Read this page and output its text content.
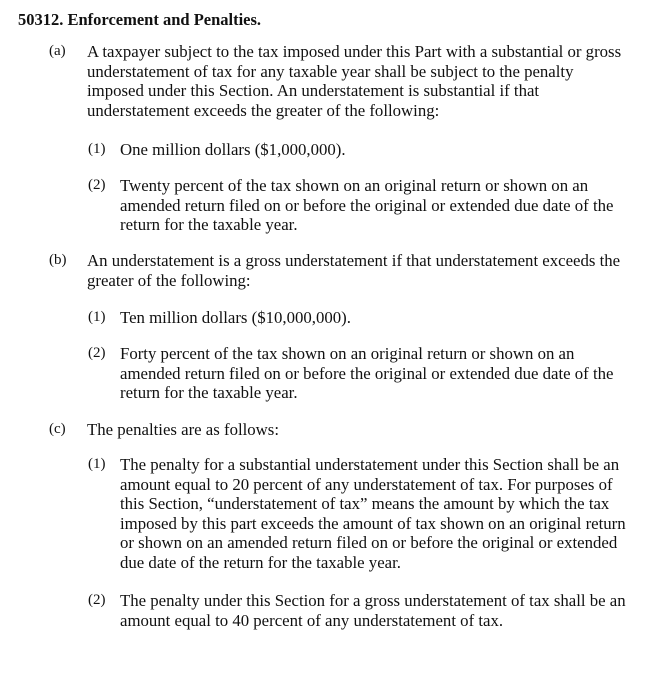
50312. Enforcement and Penalties.
(a)	A taxpayer subject to the tax imposed under this Part with a substantial or gross understatement of tax for any taxable year shall be subject to the penalty imposed under this Section. An understatement is substantial if that understatement exceeds the greater of the following:
(1) One million dollars ($1,000,000).
(2) Twenty percent of the tax shown on an original return or shown on an amended return filed on or before the original or extended due date of the return for the taxable year.
(b)	An understatement is a gross understatement if that understatement exceeds the greater of the following:
(1) Ten million dollars ($10,000,000).
(2) Forty percent of the tax shown on an original return or shown on an amended return filed on or before the original or extended due date of the return for the taxable year.
(c)	The penalties are as follows:
(1) The penalty for a substantial understatement under this Section shall be an amount equal to 20 percent of any understatement of tax. For purposes of this Section, “understatement of tax” means the amount by which the tax imposed by this part exceeds the amount of tax shown on an original return or shown on an amended return filed on or before the original or extended due date of the return for the taxable year.
(2) The penalty under this Section for a gross understatement of tax shall be an amount equal to 40 percent of any understatement of tax.
